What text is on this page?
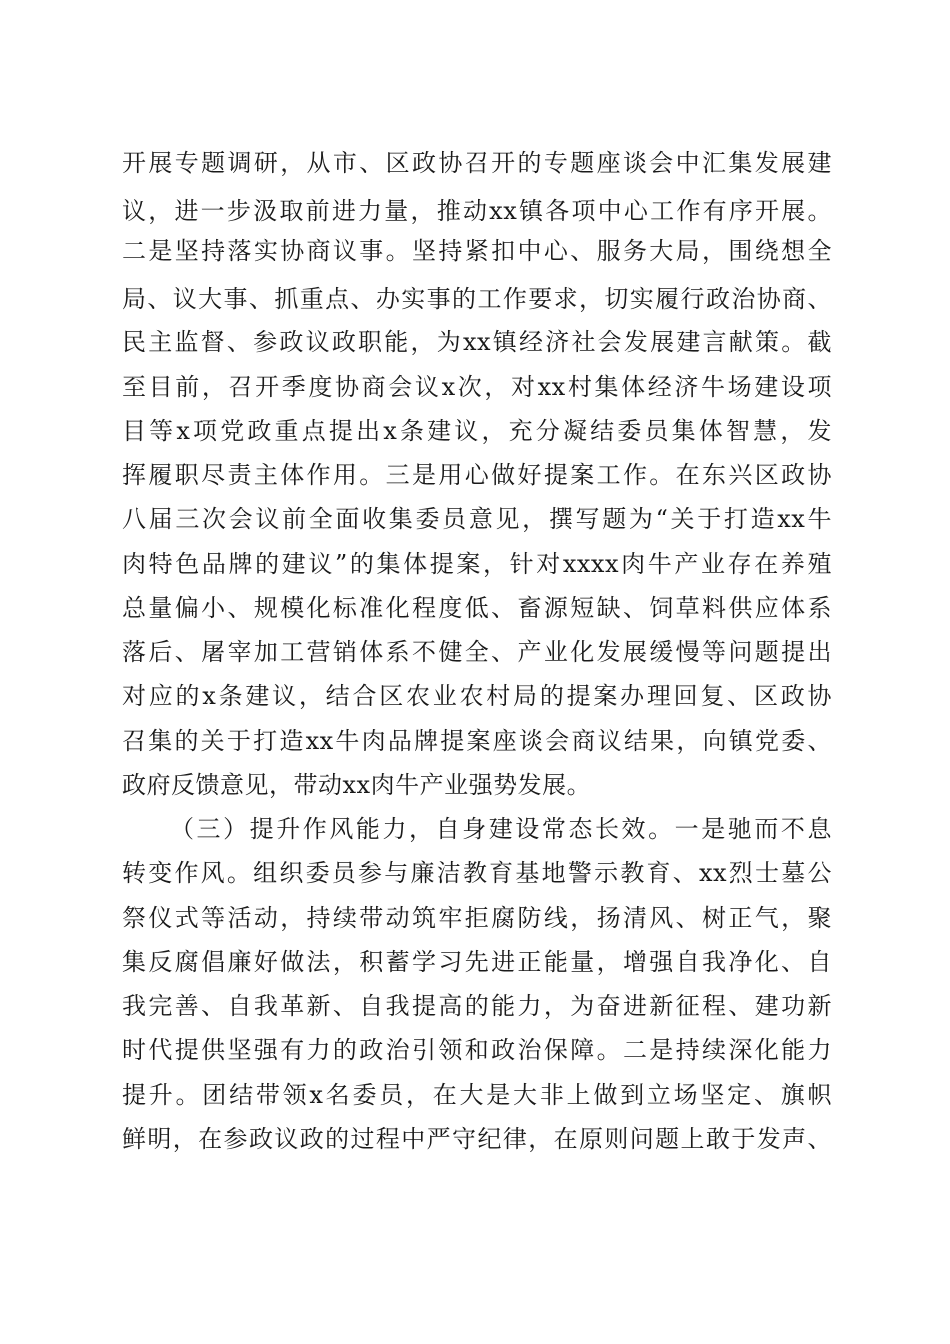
开展专题调研，从市、区政协召开的专题座谈会中汇集发展建
议，进一步汲取前进力量，推动xx镇各项中心工作有序开展。
二是坚持落实协商议事。坚持紧扣中心、服务大局，围绕想全
局、议大事、抓重点、办实事的工作要求，切实履行政治协商、
民主监督、参政议政职能，为xx镇经济社会发展建言献策。截
至目前，召开季度协商会议x次，对xx村集体经济牛场建设项
目等x项党政重点提出x条建议，充分凝结委员集体智慧，发
挥履职尽责主体作用。三是用心做好提案工作。在东兴区政协
八届三次会议前全面收集委员意见，撰写题为“关于打造xx牛
肉特色品牌的建议”的集体提案，针对xxxx肉牛产业存在养殖
总量偏小、规模化标准化程度低、畜源短缺、饲草料供应体系
落后、屠宰加工营销体系不健全、产业化发展缓慢等问题提出
对应的x条建议，结合区农业农村局的提案办理回复、区政协
召集的关于打造xx牛肉品牌提案座谈会商议结果，向镇党委、
政府反馈意见，带动xx肉牛产业强势发展。
（三）提升作风能力，自身建设常态长效。一是驰而不息
转变作风。组织委员参与廉洁教育基地警示教育、xx烈士墓公
祭仪式等活动，持续带动筑牢拒腐防线，扬清风、树正气，聚
集反腐倡廉好做法，积蓄学习先进正能量，增强自我净化、自
我完善、自我革新、自我提高的能力，为奋进新征程、建功新
时代提供坚强有力的政治引领和政治保障。二是持续深化能力
提升。团结带领x名委员，在大是大非上做到立场坚定、旗帜
鲜明，在参政议政的过程中严守纪律，在原则问题上敢于发声、
